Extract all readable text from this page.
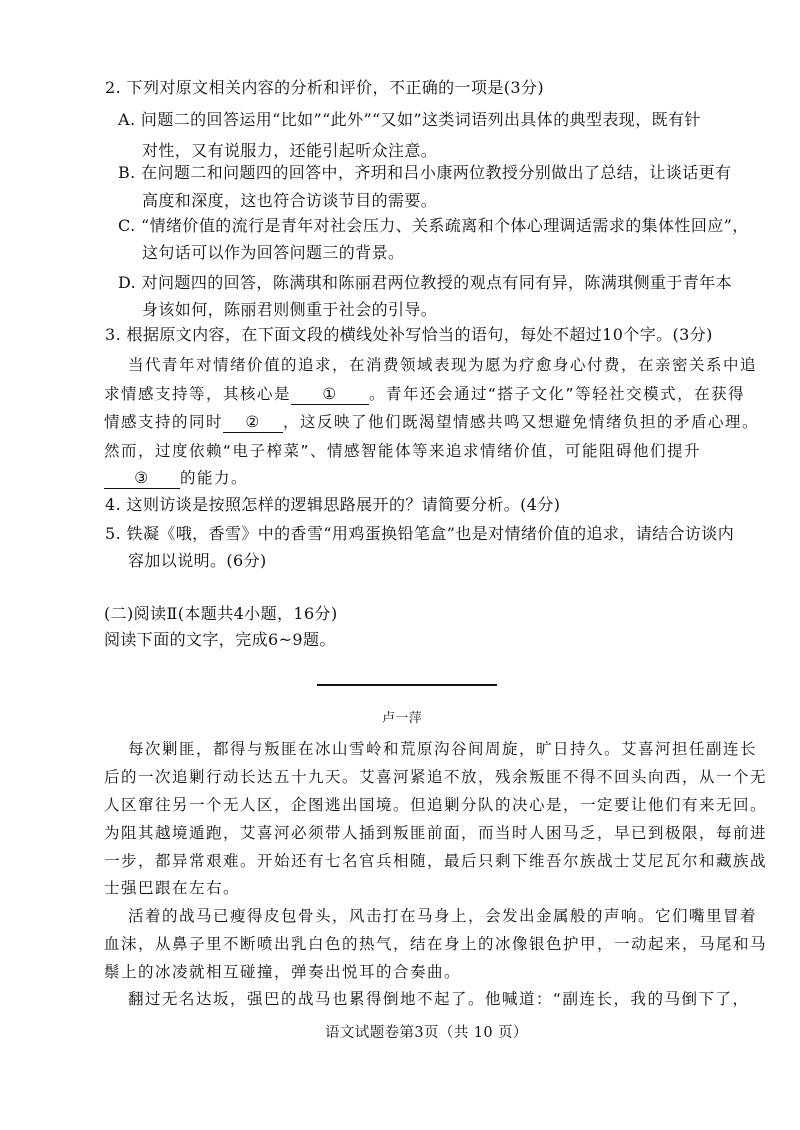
2. 下列对原文相关内容的分析和评价，不正确的一项是(3分)
A. 问题二的回答运用“比如”“此外”“又如”这类词语列出具体的典型表现，既有针
对性，又有说服力，还能引起听众注意。
B. 在问题二和问题四的回答中，齐玥和吕小康两位教授分别做出了总结，让谈话更有
高度和深度，这也符合访谈节目的需要。
C. “情绪价值的流行是青年对社会压力、关系疏离和个体心理调适需求的集体性回应”，
这句话可以作为回答问题三的背景。
D. 对问题四的回答，陈满琪和陈丽君两位教授的观点有同有异，陈满琪侧重于青年本
身该如何，陈丽君则侧重于社会的引导。
3. 根据原文内容，在下面文段的横线处补写恰当的语句，每处不超过10个字。(3分)
当代青年对情绪价值的追求，在消费领域表现为愿为疗愈身心付费，在亲密关系中追
求情感支持等，其核心是 ① 。青年还会通过“搭子文化”等轻社交模式，在获得
情感支持的同时 ② ，这反映了他们既渴望情感共鸣又想避免情绪负担的矛盾心理。
然而，过度依赖“电子榨菜”、情感智能体等来追求情绪价值，可能阻碍他们提升
③ 的能力。
4. 这则访谈是按照怎样的逻辑思路展开的？请简要分析。(4分)
5. 铁凝《哦，香雪》中的香雪“用鸡蛋换铅笔盒”也是对情绪价值的追求，请结合访谈内
容加以说明。(6分)
(二)阅读Ⅱ(本题共4小题，16分)
阅读下面的文字，完成6~9题。
卢一萍
每次剿匪，都得与叛匪在冰山雪岭和荒原沟谷间周旋，旷日持久。艾喜河担任副连长
后的一次追剿行动长达五十九天。艾喜河紧追不放，残余叛匪不得不回头向西，从一个无
人区窜往另一个无人区，企图逃出国境。但追剿分队的决心是，一定要让他们有来无回。
为阻其越境遁跑，艾喜河必须带人插到叛匪前面，而当时人困马乏，早已到极限，每前进
一步，都异常艰难。开始还有七名官兵相随，最后只剩下维吾尔族战士艾尼瓦尔和藏族战
士强巴跟在左右。
活着的战马已瘦得皮包骨头，风击打在马身上，会发出金属般的声响。它们嘴里冒着
血沫，从鼻子里不断喷出乳白色的热气，结在身上的冰像银色护甲，一动起来，马尾和马
鬃上的冰凌就相互碰撞，弹奏出悦耳的合奏曲。
翻过无名达坂，强巴的战马也累得倒地不起了。他喊道：“副连长，我的马倒下了，
语文试题卷第3页（共 10 页）
